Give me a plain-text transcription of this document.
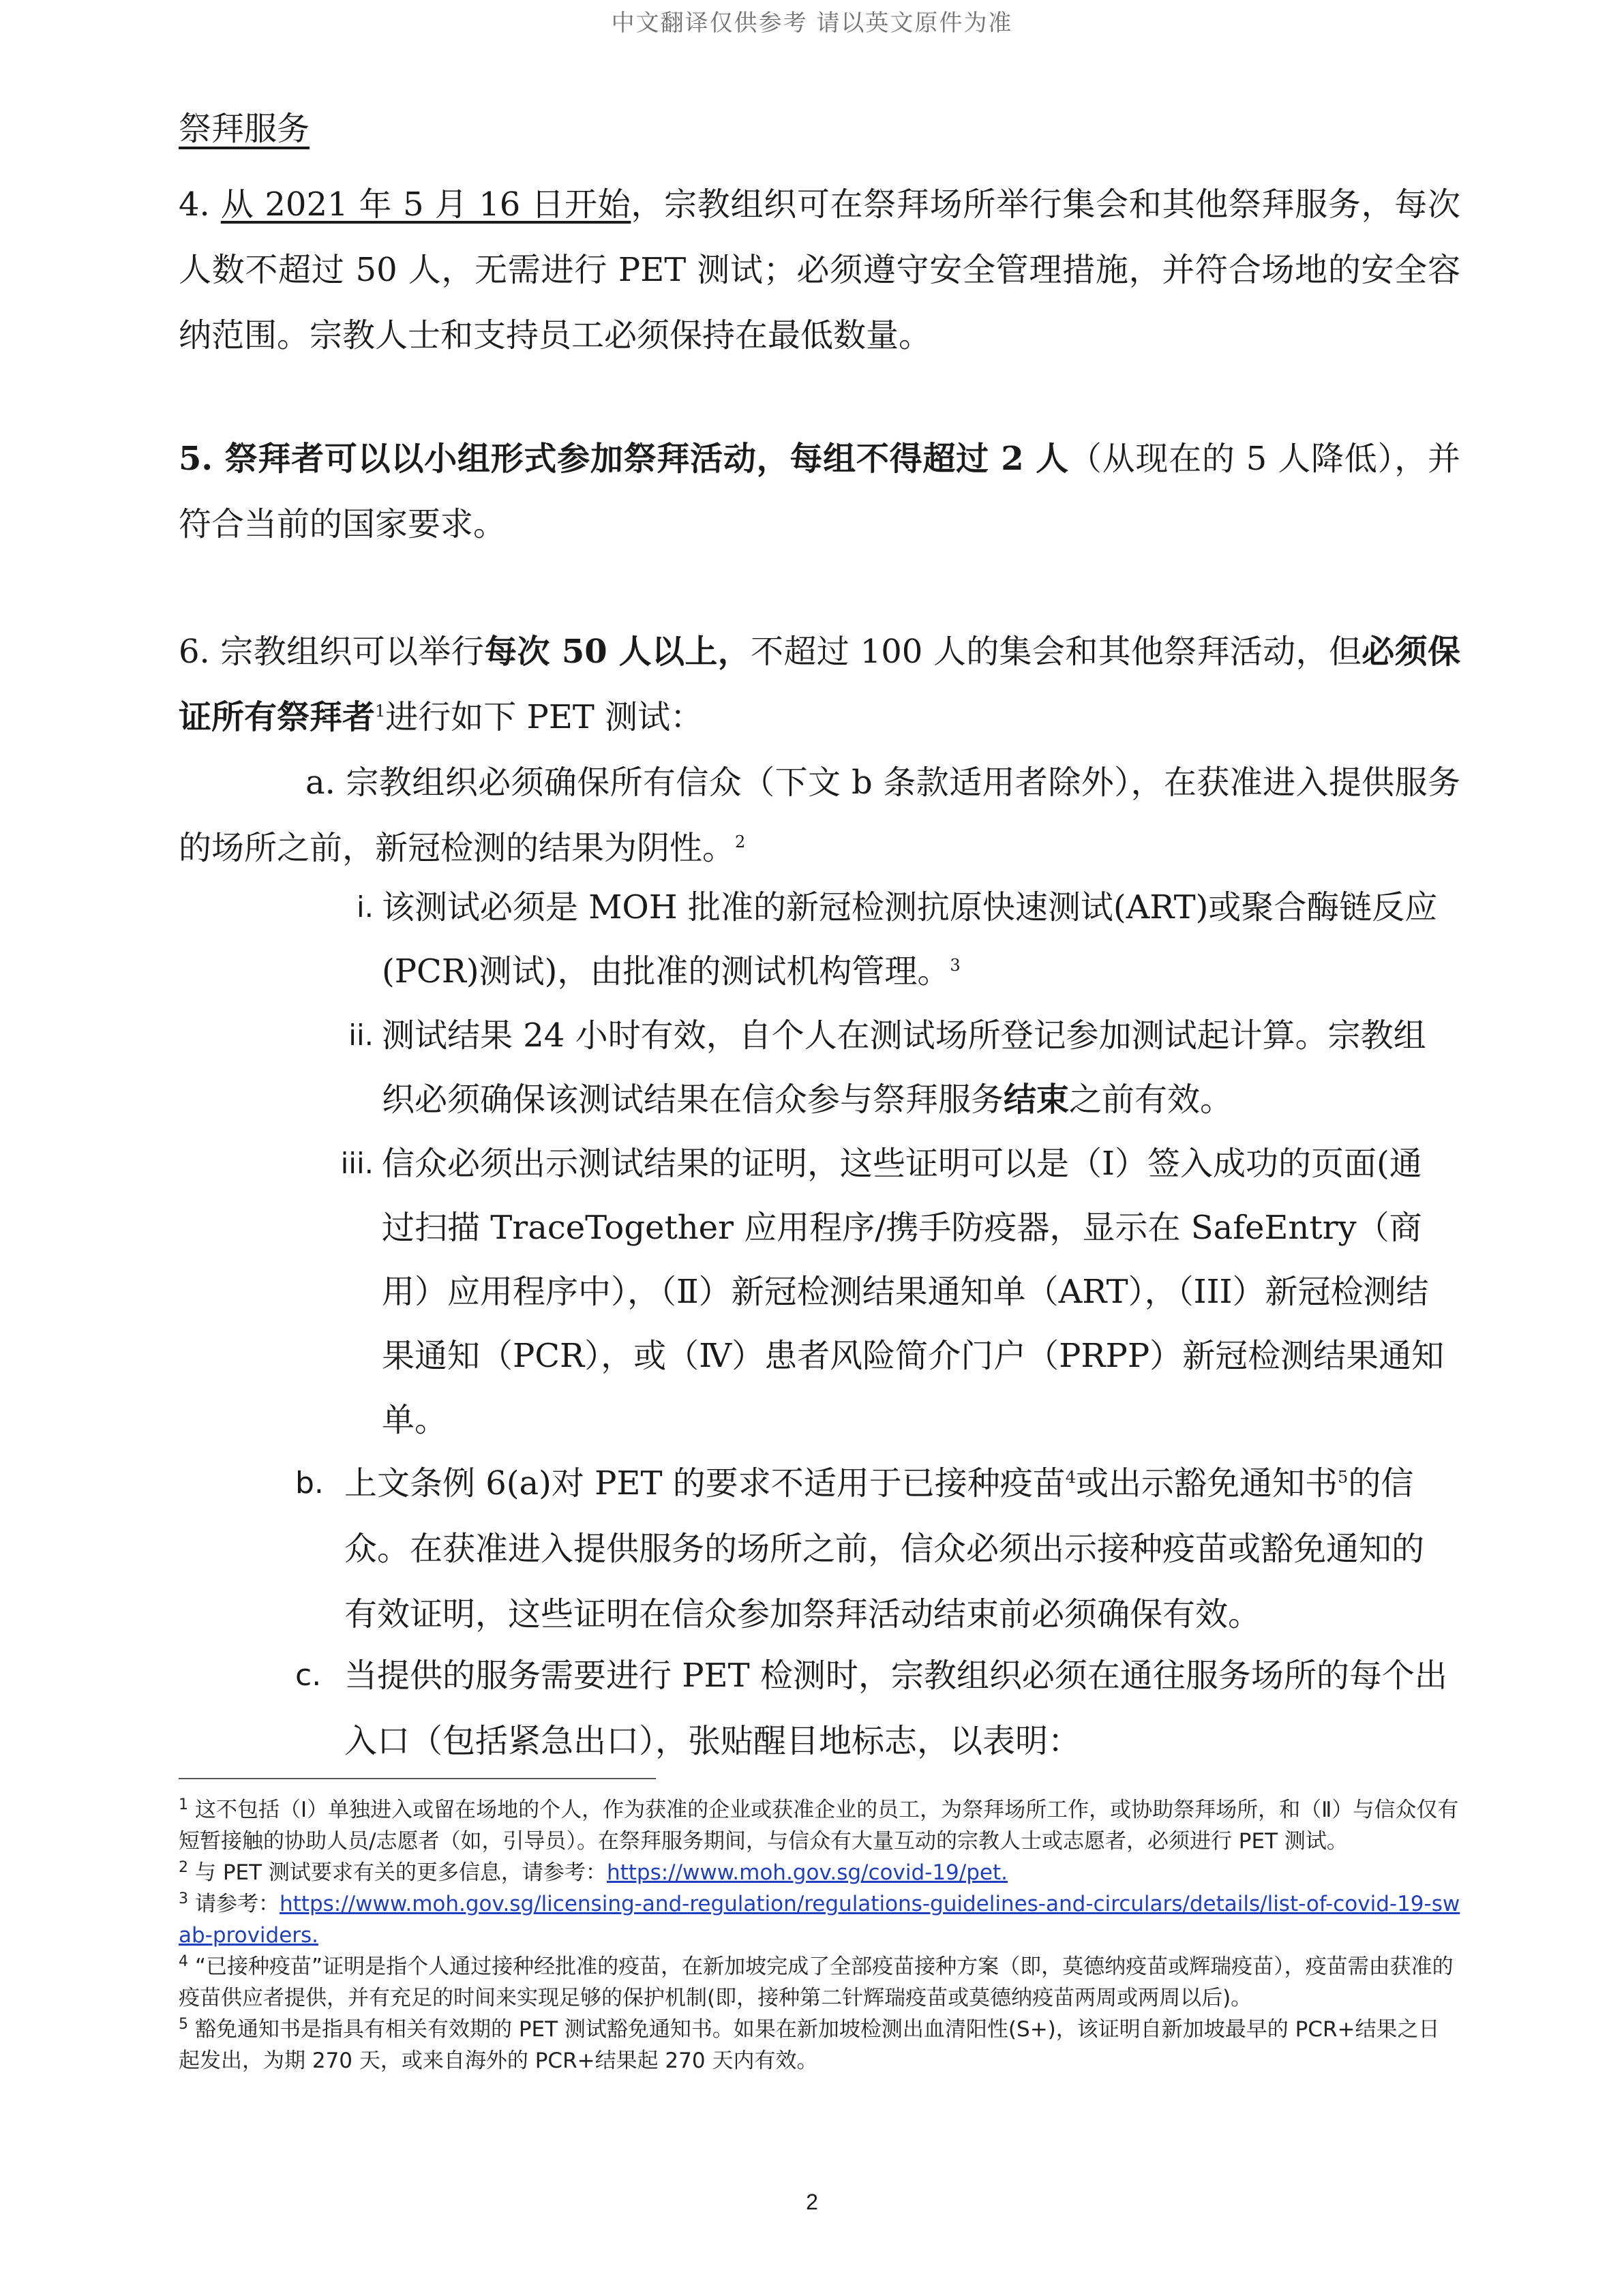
中文翻译仅供参考 请以英文原件为准
祭拜服务
4. 从 2021 年 5 月 16 日开始，宗教组织可在祭拜场所举行集会和其他祭拜服务，每次人数不超过 50 人，无需进行 PET 测试；必须遵守安全管理措施，并符合场地的安全容纳范围。宗教人士和支持员工必须保持在最低数量。
5. 祭拜者可以以小组形式参加祭拜活动，每组不得超过 2 人（从现在的 5 人降低），并符合当前的国家要求。
6. 宗教组织可以举行每次 50 人以上，不超过 100 人的集会和其他祭拜活动，但必须保证所有祭拜者$^1$进行如下 PET 测试：
a. 宗教组织必须确保所有信众（下文 b 条款适用者除外），在获准进入提供服务的场所之前，新冠检测的结果为阴性。$^2$
i. 该测试必须是 MOH 批准的新冠检测抗原快速测试(ART)或聚合酶链反应(PCR)测试)，由批准的测试机构管理。$^3$
ii. 测试结果 24 小时有效，自个人在测试场所登记参加测试起计算。宗教组织必须确保该测试结果在信众参与祭拜服务结束之前有效。
iii. 信众必须出示测试结果的证明，这些证明可以是（Ⅰ）签入成功的页面(通过扫描 TraceTogether 应用程序/携手防疫器，显示在 SafeEntry（商用）应用程序中），（Ⅱ）新冠检测结果通知单（ART），（III）新冠检测结果通知（PCR），或（Ⅳ）患者风险简介门户（PRPP）新冠检测结果通知单。
b. 上文条例 6(a)对 PET 的要求不适用于已接种疫苗$^4$或出示豁免通知书$^5$的信众。在获准进入提供服务的场所之前，信众必须出示接种疫苗或豁免通知的有效证明，这些证明在信众参加祭拜活动结束前必须确保有效。
c. 当提供的服务需要进行 PET 检测时，宗教组织必须在通往服务场所的每个出入口（包括紧急出口），张贴醒目地标志，以表明：

$^1$ 这不包括（Ⅰ）单独进入或留在场地的个人，作为获准的企业或获准企业的员工，为祭拜场所工作，或协助祭拜场所，和（Ⅱ）与信众仅有短暂接触的协助人员/志愿者（如，引导员）。在祭拜服务期间，与信众有大量互动的宗教人士或志愿者，必须进行 PET 测试。

$^2$ 与 PET 测试要求有关的更多信息，请参考：https://www.moh.gov.sg/covid-19/pet.

$^3$ 请参考：https://www.moh.gov.sg/licensing-and-regulation/regulations-guidelines-and-circulars/details/list-of-covid-19-swab-providers.

$^4$ “已接种疫苗”证明是指个人通过接种经批准的疫苗，在新加坡完成了全部疫苗接种方案（即，莫德纳疫苗或辉瑞疫苗），疫苗需由获准的疫苗供应者提供，并有充足的时间来实现足够的保护机制(即，接种第二针辉瑞疫苗或莫德纳疫苗两周或两周以后)。

$^5$ 豁免通知书是指具有相关有效期的 PET 测试豁免通知书。如果在新加坡检测出血清阳性(S+)，该证明自新加坡最早的 PCR+结果之日起发出，为期 270 天，或来自海外的 PCR+结果起 270 天内有效。

2
